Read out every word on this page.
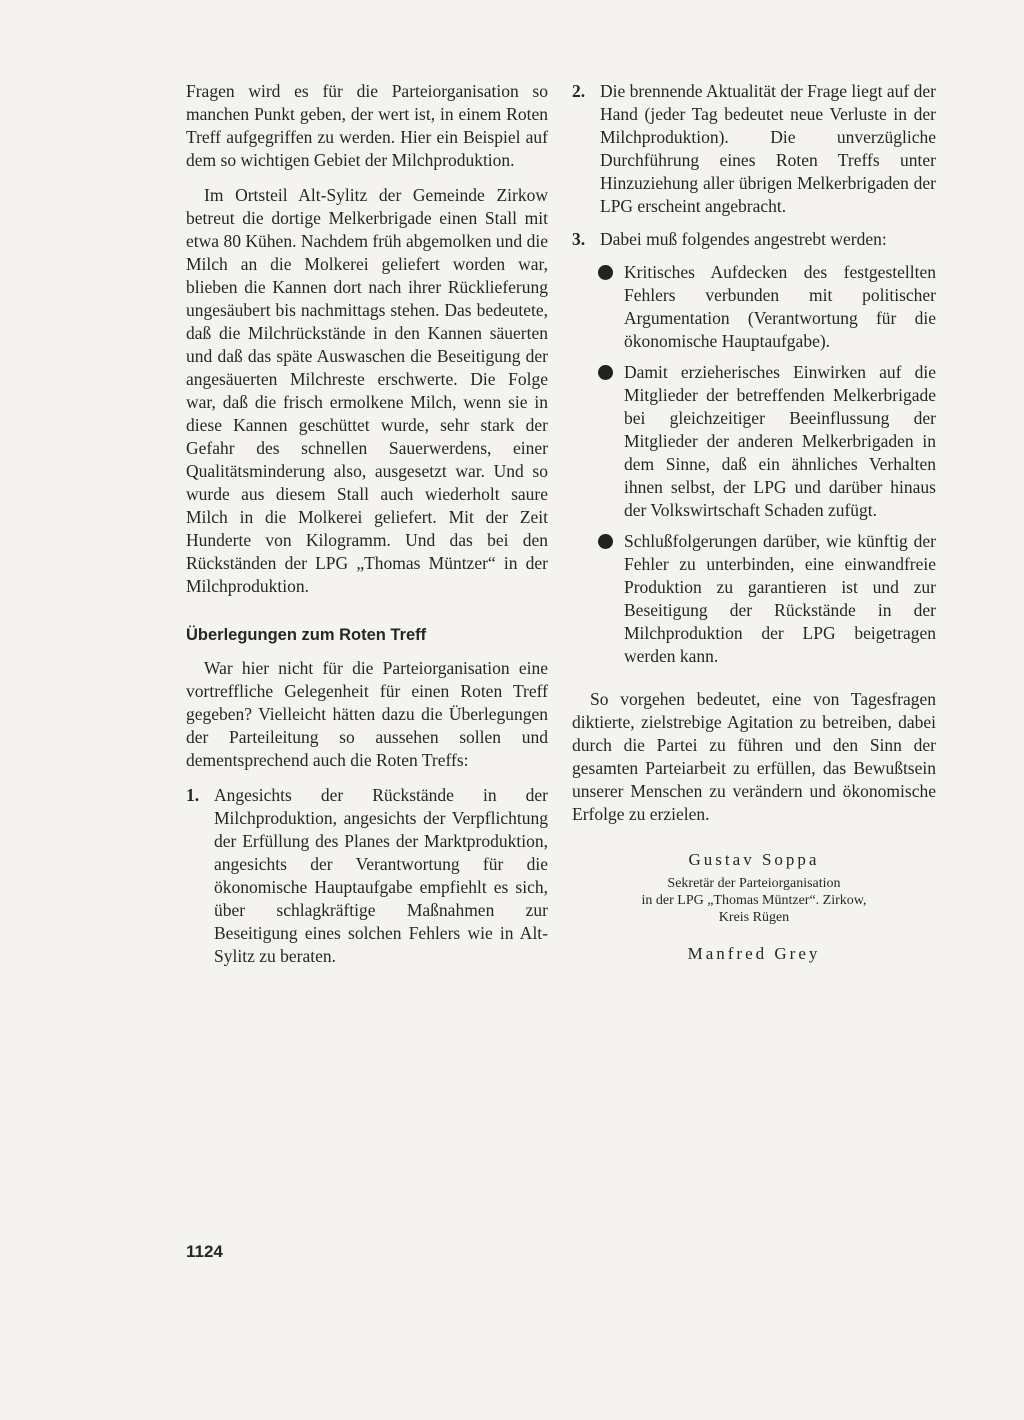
Fragen wird es für die Parteiorganisation so manchen Punkt geben, der wert ist, in einem Roten Treff aufgegriffen zu werden. Hier ein Beispiel auf dem so wichtigen Gebiet der Milchproduktion.

Im Ortsteil Alt-Sylitz der Gemeinde Zirkow betreut die dortige Melkerbrigade einen Stall mit etwa 80 Kühen. Nachdem früh abgemolken und die Milch an die Molkerei geliefert worden war, blieben die Kannen dort nach ihrer Rücklieferung ungesäubert bis nachmittags stehen. Das bedeutete, daß die Milchrückstände in den Kannen säuerten und daß das späte Auswaschen die Beseitigung der angesäuerten Milchreste erschwerte. Die Folge war, daß die frisch ermolkene Milch, wenn sie in diese Kannen geschüttet wurde, sehr stark der Gefahr des schnellen Sauerwerdens, einer Qualitätsminderung also, ausgesetzt war. Und so wurde aus diesem Stall auch wiederholt saure Milch in die Molkerei geliefert. Mit der Zeit Hunderte von Kilogramm. Und das bei den Rückständen der LPG „Thomas Müntzer“ in der Milchproduktion.

Überlegungen zum Roten Treff

War hier nicht für die Parteiorganisation eine vortreffliche Gelegenheit für einen Roten Treff gegeben? Vielleicht hätten dazu die Überlegungen der Parteileitung so aussehen sollen und dementsprechend auch die Roten Treffs:

1. Angesichts der Rückstände in der Milchproduktion, angesichts der Verpflichtung der Erfüllung des Planes der Marktproduktion, angesichts der Verantwortung für die ökonomische Hauptaufgabe empfiehlt es sich, über schlagkräftige Maßnahmen zur Beseitigung eines solchen Fehlers wie in Alt-Sylitz zu beraten.
2. Die brennende Aktualität der Frage liegt auf der Hand (jeder Tag bedeutet neue Verluste in der Milchproduktion). Die unverzügliche Durchführung eines Roten Treffs unter Hinzuziehung aller übrigen Melkerbrigaden der LPG erscheint angebracht.
3. Dabei muß folgendes angestrebt werden:
Kritisches Aufdecken des festgestellten Fehlers verbunden mit politischer Argumentation (Verantwortung für die ökonomische Hauptaufgabe).
Damit erzieherisches Einwirken auf die Mitglieder der betreffenden Melkerbrigade bei gleichzeitiger Beeinflussung der Mitglieder der anderen Melkerbrigaden in dem Sinne, daß ein ähnliches Verhalten ihnen selbst, der LPG und darüber hinaus der Volkswirtschaft Schaden zufügt.
Schlußfolgerungen darüber, wie künftig der Fehler zu unterbinden, eine einwandfreie Produktion zu garantieren ist und zur Beseitigung der Rückstände in der Milchproduktion der LPG beigetragen werden kann.

So vorgehen bedeutet, eine von Tagesfragen diktierte, zielstrebige Agitation zu betreiben, dabei durch die Partei zu führen und den Sinn der gesamten Parteiarbeit zu erfüllen, das Bewußtsein unserer Menschen zu verändern und ökonomische Erfolge zu erzielen.

Gustav Soppa
Sekretär der Parteiorganisation
in der LPG „Thomas Müntzer“. Zirkow,
Kreis Rügen
Manfred Grey
1124
